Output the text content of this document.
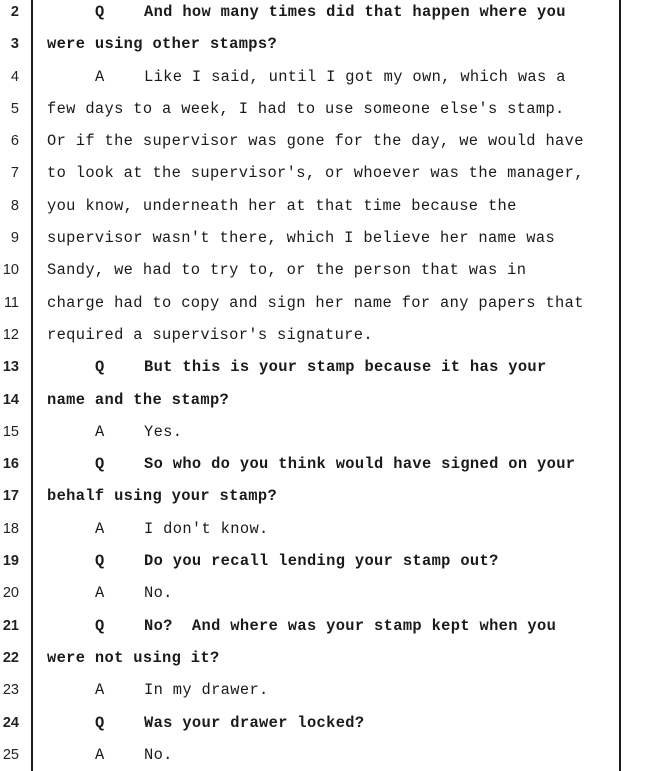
2	Q	And how many times did that happen where you
3 were using other stamps?
4	A	Like I said, until I got my own, which was a
5 few days to a week, I had to use someone else's stamp.
6 Or if the supervisor was gone for the day, we would have
7 to look at the supervisor's, or whoever was the manager,
8 you know, underneath her at that time because the
9 supervisor wasn't there, which I believe her name was
10 Sandy, we had to try to, or the person that was in
11 charge had to copy and sign her name for any papers that
12 required a supervisor's signature.
13	Q	But this is your stamp because it has your
14 name and the stamp?
15	A	Yes.
16	Q	So who do you think would have signed on your
17 behalf using your stamp?
18	A	I don't know.
19	Q	Do you recall lending your stamp out?
20	A	No.
21	Q	No?  And where was your stamp kept when you
22 were not using it?
23	A	In my drawer.
24	Q	Was your drawer locked?
25	A	No.
